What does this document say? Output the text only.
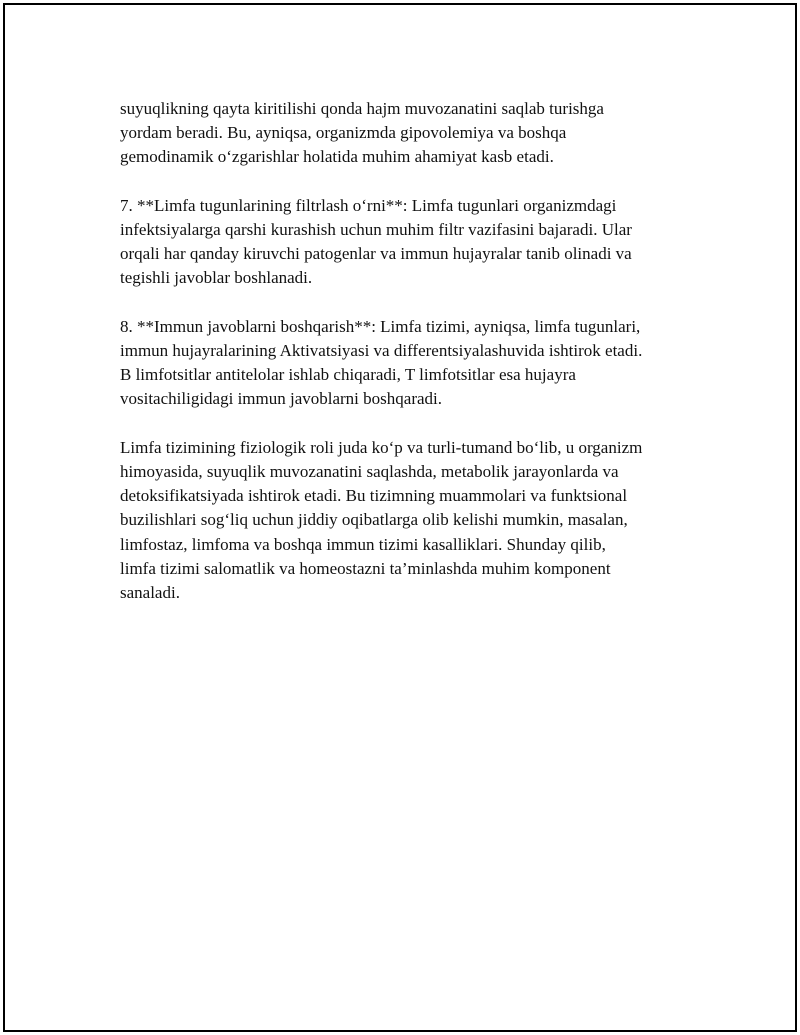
suyuqlikning qayta kiritilishi qonda hajm muvozanatini saqlab turishga
yordam beradi. Bu, ayniqsa, organizmda gipovolemiya va boshqa
gemodinamik o‘zgarishlar holatida muhim ahamiyat kasb etadi.

7. **Limfa tugunlarining filtrlash o‘rni**: Limfa tugunlari organizmdagi
infektsiyalarga qarshi kurashish uchun muhim filtr vazifasini bajaradi. Ular
orqali har qanday kiruvchi patogenlar va immun hujayralar tanib olinadi va
tegishli javoblar boshlanadi.

8. **Immun javoblarni boshqarish**: Limfa tizimi, ayniqsa, limfa tugunlari,
immun hujayralarining Aktivatsiyasi va differentsiyalashuvida ishtirok etadi.
B limfotsitlar antitelolar ishlab chiqaradi, T limfotsitlar esa hujayra
vositachiligidagi immun javoblarni boshqaradi.

Limfa tizimining fiziologik roli juda ko‘p va turli-tumand bo‘lib, u organizm
himoyasida, suyuqlik muvozanatini saqlashda, metabolik jarayonlarda va
detoksifikatsiyada ishtirok etadi. Bu tizimning muammolari va funktsional
buzilishlari sog‘liq uchun jiddiy oqibatlarga olib kelishi mumkin, masalan,
limfostaz, limfoma va boshqa immun tizimi kasalliklari. Shunday qilib,
limfa tizimi salomatlik va homeostazni ta’minlashda muhim komponent
sanaladi.
